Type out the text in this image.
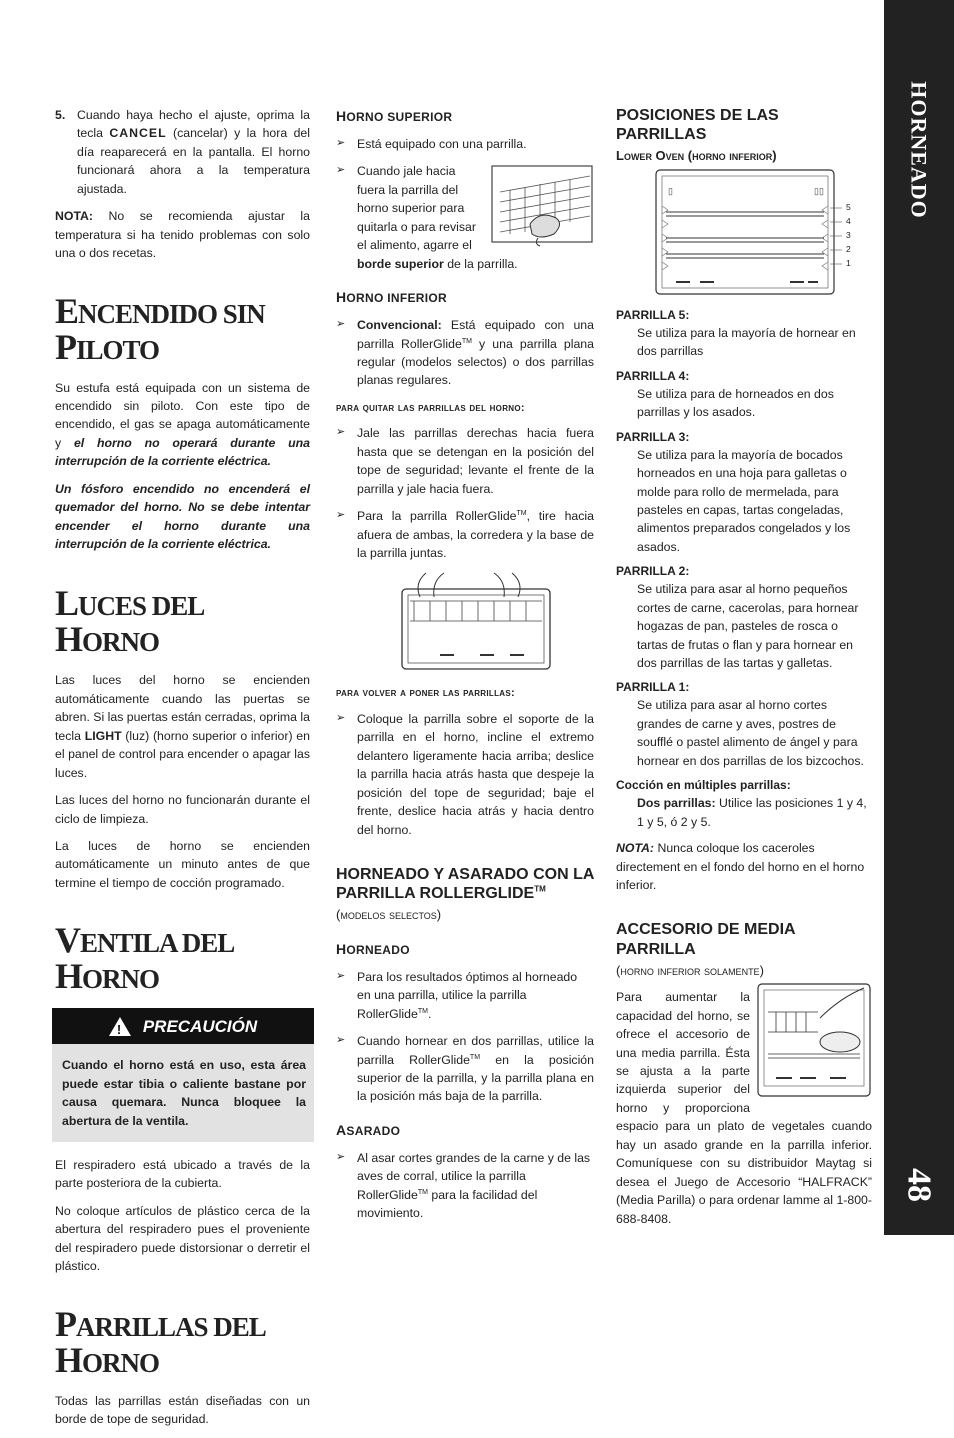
5. Cuando haya hecho el ajuste, oprima la tecla CANCEL (cancelar) y la hora del día reaparecerá en la pantalla. El horno funcionará ahora a la temperatura ajustada.

NOTA: No se recomienda ajustar la temperatura si ha tenido problemas con solo una o dos recetas.

ENCENDIDO SIN PILOTO

Su estufa está equipada con un sistema de encendido sin piloto. Con este tipo de encendido, el gas se apaga automáticamente y el horno no operará durante una interrupción de la corriente eléctrica.

Un fósforo encendido no encenderá el quemador del horno. No se debe intentar encender el horno durante una interrupción de la corriente eléctrica.

LUCES DEL HORNO

Las luces del horno se encienden automáticamente cuando las puertas se abren. Si las puertas están cerradas, oprima la tecla LIGHT (luz) (horno superior o inferior) en el panel de control para encender o apagar las luces.

Las luces del horno no funcionarán durante el ciclo de limpieza.

La luces de horno se encienden automáticamente un minuto antes de que termine el tiempo de cocción programado.

VENTILA DEL HORNO
! PRECAUCIÓN
Cuando el horno está en uso, esta área puede estar tibia o caliente bastane por causa quemara. Nunca bloquee la abertura de la ventila.

El respiradero está ubicado a través de la parte posteriora de la cubierta.

No coloque artículos de plástico cerca de la abertura del respiradero pues el proveniente del respiradero puede distorsionar o derretir el plástico.

PARRILLAS DEL HORNO

Todas las parrillas están diseñadas con un borde de tope de seguridad.

HORNO SUPERIOR
➢ Está equipado con una parrilla.
➢ Cuando jale hacia fuera la parrilla del horno superior para quitarla o para revisar el alimento, agarre el borde superior de la parrilla.
HORNO INFERIOR
➢ Convencional: Está equipado con una parrilla RollerGlide™ y una parrilla plana regular (modelos selectos) o dos parrillas planas regulares.
para quitar las parrillas del horno:
➢ Jale las parrillas derechas hacia fuera hasta que se detengan en la posición del tope de seguridad; levante el frente de la parrilla y jale hacia fuera.
➢ Para la parrilla RollerGlide™, tire hacia afuera de ambas, la corredera y la base de la parrilla juntas.
para volver a poner las parrillas:
➢ Coloque la parrilla sobre el soporte de la parrilla en el horno, incline el extremo delantero ligeramente hacia arriba; deslice la parrilla hacia atrás hasta que despeje la posición del tope de seguridad; baje el frente, deslice hacia atrás y hacia dentro del horno.
HORNEADO Y ASARADO CON LA PARRILLA ROLLERGLIDE™
(modelos selectos)
HORNEADO
➢ Para los resultados óptimos al horneado en una parrilla, utilice la parrilla RollerGlide™.
➢ Cuando hornear en dos parrillas, utilice la parrilla RollerGlide™ en la posición superior de la parrilla, y la parrilla plana en la posición más baja de la parrilla.
ASARADO
➢ Al asar cortes grandes de la carne y de las aves de corral, utilice la parrilla RollerGlide™ para la facilidad del movimiento.
POSICIONES DE LAS PARRILLAS
Lower Oven (horno inferior)
▯	▯▯
5
4
3
2
1
PARRILLA 5:
Se utiliza para la mayoría de hornear en dos parrillas
PARRILLA 4:
Se utiliza para de horneados en dos parrillas y los asados.
PARRILLA 3:
Se utiliza para la mayoría de bocados horneados en una hoja para galletas o molde para rollo de mermelada, para pasteles en capas, tartas congeladas, alimentos preparados congelados y los asados.
PARRILLA 2:
Se utiliza para asar al horno pequeños cortes de carne, cacerolas, para hornear hogazas de pan, pasteles de rosca o tartas de frutas o flan y para hornear en dos parrillas de las tartas y galletas.
PARRILLA 1:
Se utiliza para asar al horno cortes grandes de carne y aves, postres de soufflé o pastel alimento de ángel y para hornear en dos parrillas de los bizcochos.
Cocción en múltiples parrillas:
Dos parrillas: Utilice las posiciones 1 y 4, 1 y 5, ó 2 y 5.

NOTA: Nunca coloque los caceroles directement en el fondo del horno en el horno inferior.

ACCESORIO DE MEDIA PARRILLA
(horno inferior solamente)

Para aumentar la capacidad del horno, se ofrece el accesorio de una media parrilla. Ésta se ajusta a la parte izquierda superior del horno y proporciona espacio para un plato de vegetales cuando hay un asado grande en la parrilla inferior. Comuníquese con su distribuidor Maytag si desea el Juego de Accesorio “HALFRACK” (Media Parilla) o para ordenar lamme al 1-800-688-8408.

HORNEADO
48
